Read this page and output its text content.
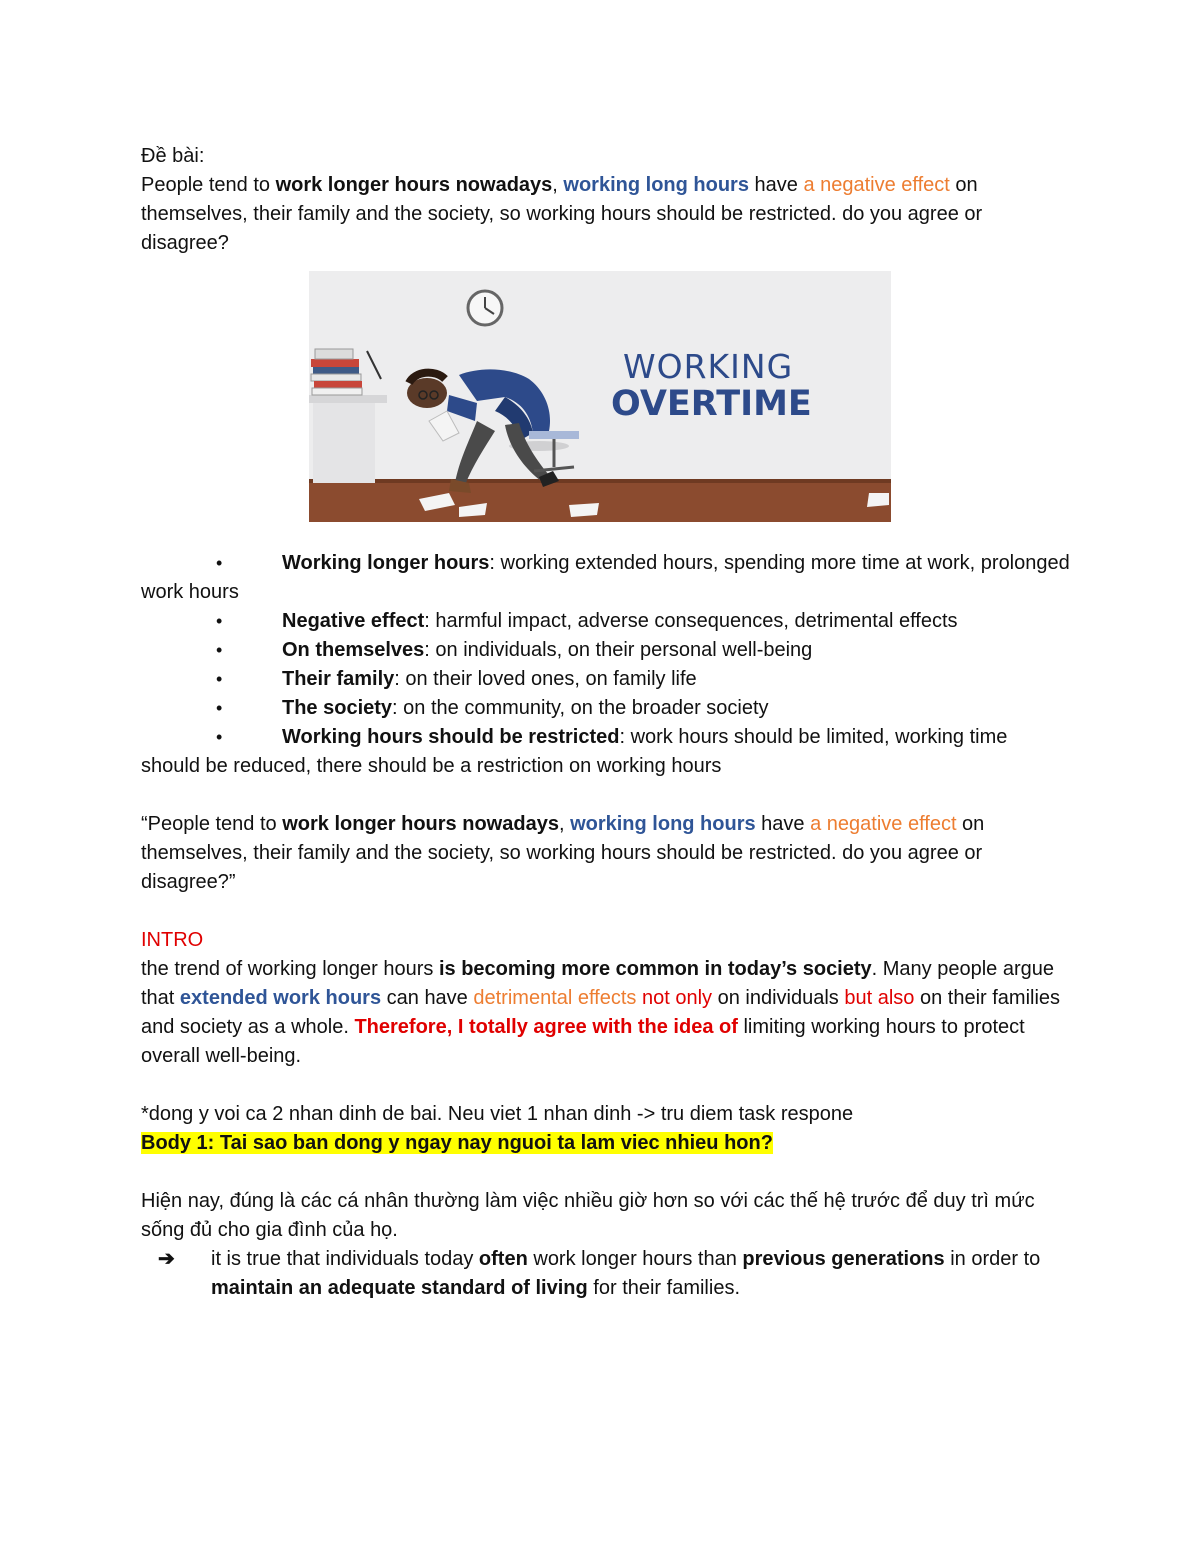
Đề bài:

People tend to work longer hours nowadays, working long hours have a negative effect on themselves, their family and the society, so working hours should be restricted. do you agree or disagree?

WORKING
OVERTIME

•	Working longer hours: working extended hours, spending more time at work, prolonged work hours

•	Negative effect: harmful impact, adverse consequences, detrimental effects

•	On themselves: on individuals, on their personal well-being

•	Their family: on their loved ones, on family life

•	The society: on the community, on the broader society

•	Working hours should be restricted: work hours should be limited, working time should be reduced, there should be a restriction on working hours

“People tend to work longer hours nowadays, working long hours have a negative effect on themselves, their family and the society, so working hours should be restricted. do you agree or disagree?”

INTRO

the trend of working longer hours is becoming more common in today’s society. Many people argue that extended work hours can have detrimental effects not only on individuals but also on their families and society as a whole. Therefore, I totally agree with the idea of limiting working hours to protect overall well-being.

*dong y voi ca 2 nhan dinh de bai. Neu viet 1 nhan dinh -> tru diem task respone

Body 1: Tai sao ban dong y ngay nay nguoi ta lam viec nhieu hon?

Hiện nay, đúng là các cá nhân thường làm việc nhiều giờ hơn so với các thế hệ trước để duy trì mức sống đủ cho gia đình của họ.

➔ it is true that individuals today often work longer hours than previous generations in order to maintain an adequate standard of living for their families.
